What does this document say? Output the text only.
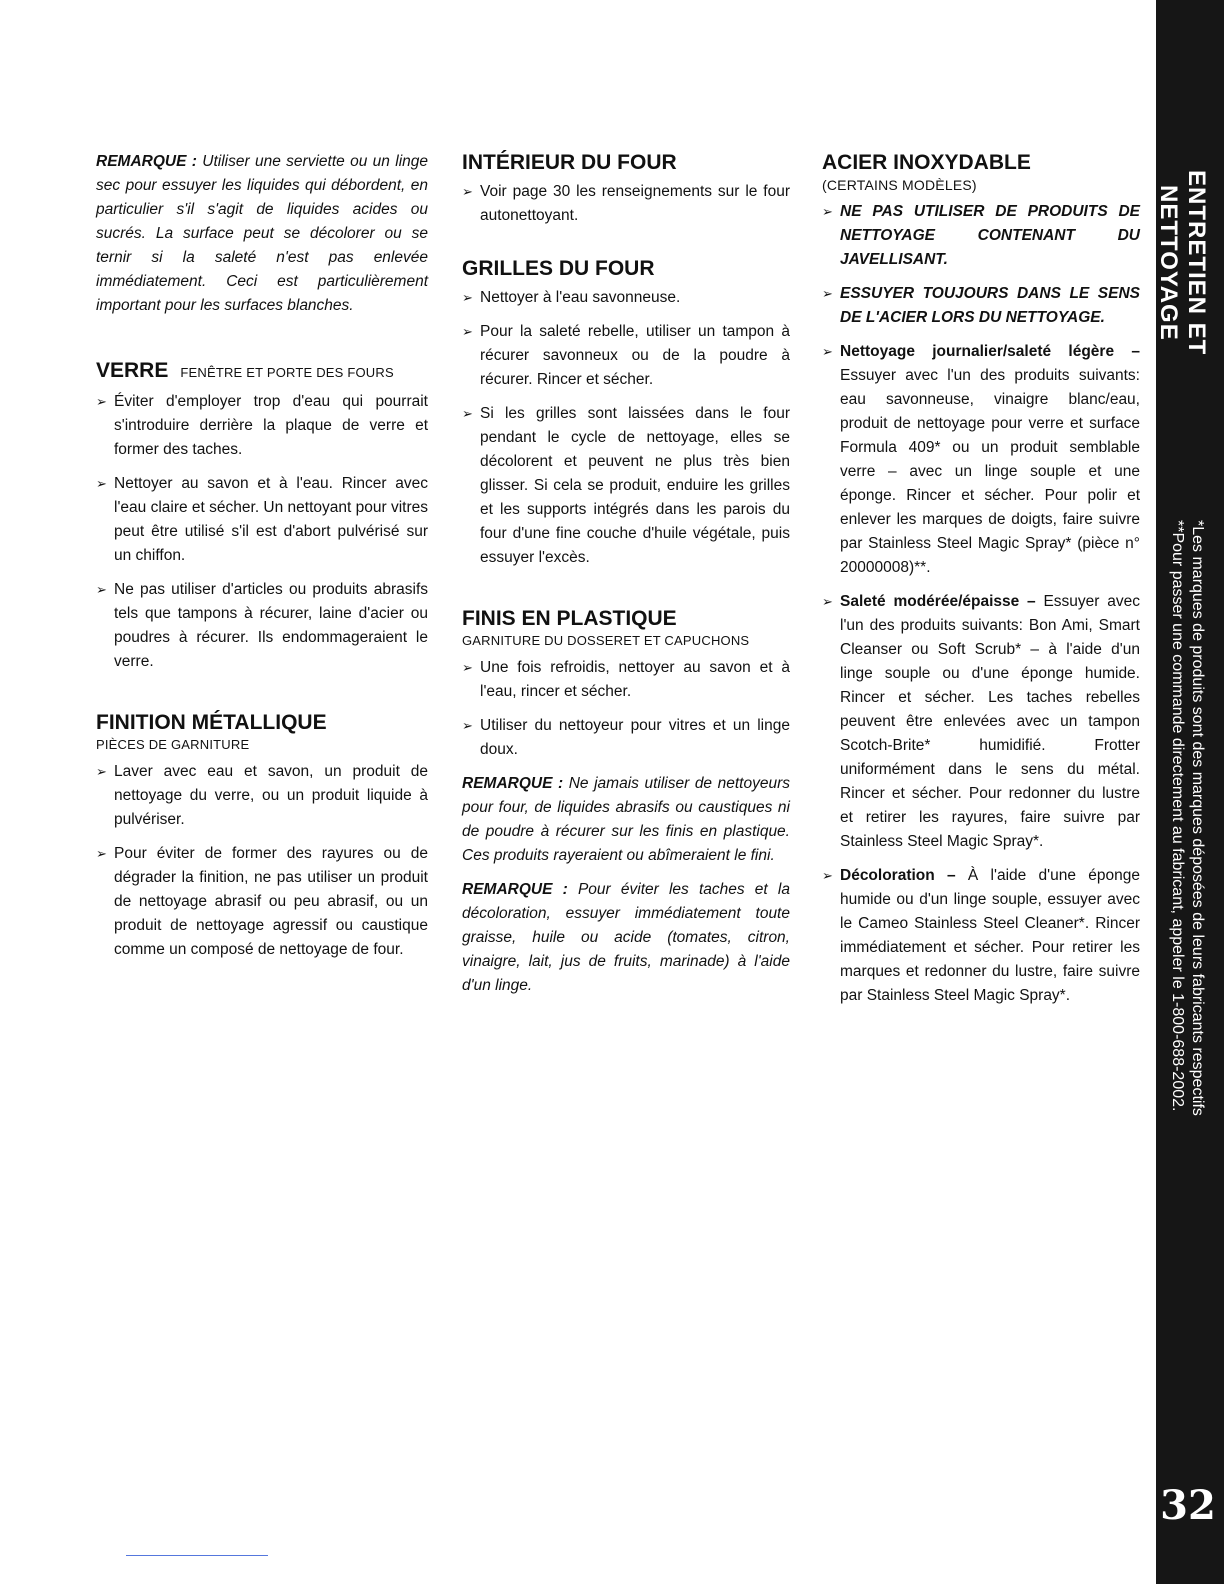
REMARQUE : Utiliser une serviette ou un linge sec pour essuyer les liquides qui débordent, en particulier s'il s'agit de liquides acides ou sucrés. La surface peut se décolorer ou se ternir si la saleté n'est pas enlevée immédiatement. Ceci est particulièrement important pour les surfaces blanches.

VERRE FENÊTRE ET PORTE DES FOURS

➢ Éviter d'employer trop d'eau qui pourrait s'introduire derrière la plaque de verre et former des taches.
➢ Nettoyer au savon et à l'eau. Rincer avec l'eau claire et sécher. Un nettoyant pour vitres peut être utilisé s'il est d'abort pulvérisé sur un chiffon.
➢ Ne pas utiliser d'articles ou produits abrasifs tels que tampons à récurer, laine d'acier ou poudres à récurer. Ils endommageraient le verre.

FINITION MÉTALLIQUE

PIÈCES DE GARNITURE

➢ Laver avec eau et savon, un produit de nettoyage du verre, ou un produit liquide à pulvériser.
➢ Pour éviter de former des rayures ou de dégrader la finition, ne pas utiliser un produit de nettoyage abrasif ou peu abrasif, ou un produit de nettoyage agressif ou caustique comme un composé de nettoyage de four.

INTÉRIEUR DU FOUR

➢ Voir page 30 les renseignements sur le four autonettoyant.

GRILLES DU FOUR

➢ Nettoyer à l'eau savonneuse.
➢ Pour la saleté rebelle, utiliser un tampon à récurer savonneux ou de la poudre à récurer. Rincer et sécher.
➢ Si les grilles sont laissées dans le four pendant le cycle de nettoyage, elles se décolorent et peuvent ne plus très bien glisser. Si cela se produit, enduire les grilles et les supports intégrés dans les parois du four d'une fine couche d'huile végétale, puis essuyer l'excès.

FINIS EN PLASTIQUE

GARNITURE DU DOSSERET ET CAPUCHONS

➢ Une fois refroidis, nettoyer au savon et à l'eau, rincer et sécher.
➢ Utiliser du nettoyeur pour vitres et un linge doux.

REMARQUE : Ne jamais utiliser de nettoyeurs pour four, de liquides abrasifs ou caustiques ni de poudre à récurer sur les finis en plastique. Ces produits rayeraient ou abîmeraient le fini.

REMARQUE : Pour éviter les taches et la décoloration, essuyer immédiatement toute graisse, huile ou acide (tomates, citron, vinaigre, lait, jus de fruits, marinade) à l'aide d'un linge.

ACIER INOXYDABLE

(CERTAINS MODÈLES)

➢ NE PAS UTILISER DE PRODUITS DE NETTOYAGE CONTENANT DU JAVELLISANT.
➢ ESSUYER TOUJOURS DANS LE SENS DE L'ACIER LORS DU NETTOYAGE.
➢ Nettoyage journalier/saleté légère – Essuyer avec l'un des produits suivants: eau savonneuse, vinaigre blanc/eau, produit de nettoyage pour verre et surface Formula 409* ou un produit semblable verre – avec un linge souple et une éponge. Rincer et sécher. Pour polir et enlever les marques de doigts, faire suivre par Stainless Steel Magic Spray* (pièce n° 20000008)**.
➢ Saleté modérée/épaisse – Essuyer avec l'un des produits suivants: Bon Ami, Smart Cleanser ou Soft Scrub* – à l'aide d'un linge souple ou d'une éponge humide. Rincer et sécher. Les taches rebelles peuvent être enlevées avec un tampon Scotch-Brite* humidifié. Frotter uniformément dans le sens du métal. Rincer et sécher. Pour redonner du lustre et retirer les rayures, faire suivre par Stainless Steel Magic Spray*.
➢ Décoloration – À l'aide d'une éponge humide ou d'un linge souple, essuyer avec le Cameo Stainless Steel Cleaner*. Rincer immédiatement et sécher. Pour retirer les marques et redonner du lustre, faire suivre par Stainless Steel Magic Spray*.
ENTRETIEN ET NETTOYAGE
*Les marques de produits sont des marques déposées de leurs fabricants respectifs
**Pour passer une commande directement au fabricant, appeler le 1-800-688-2002.
32
